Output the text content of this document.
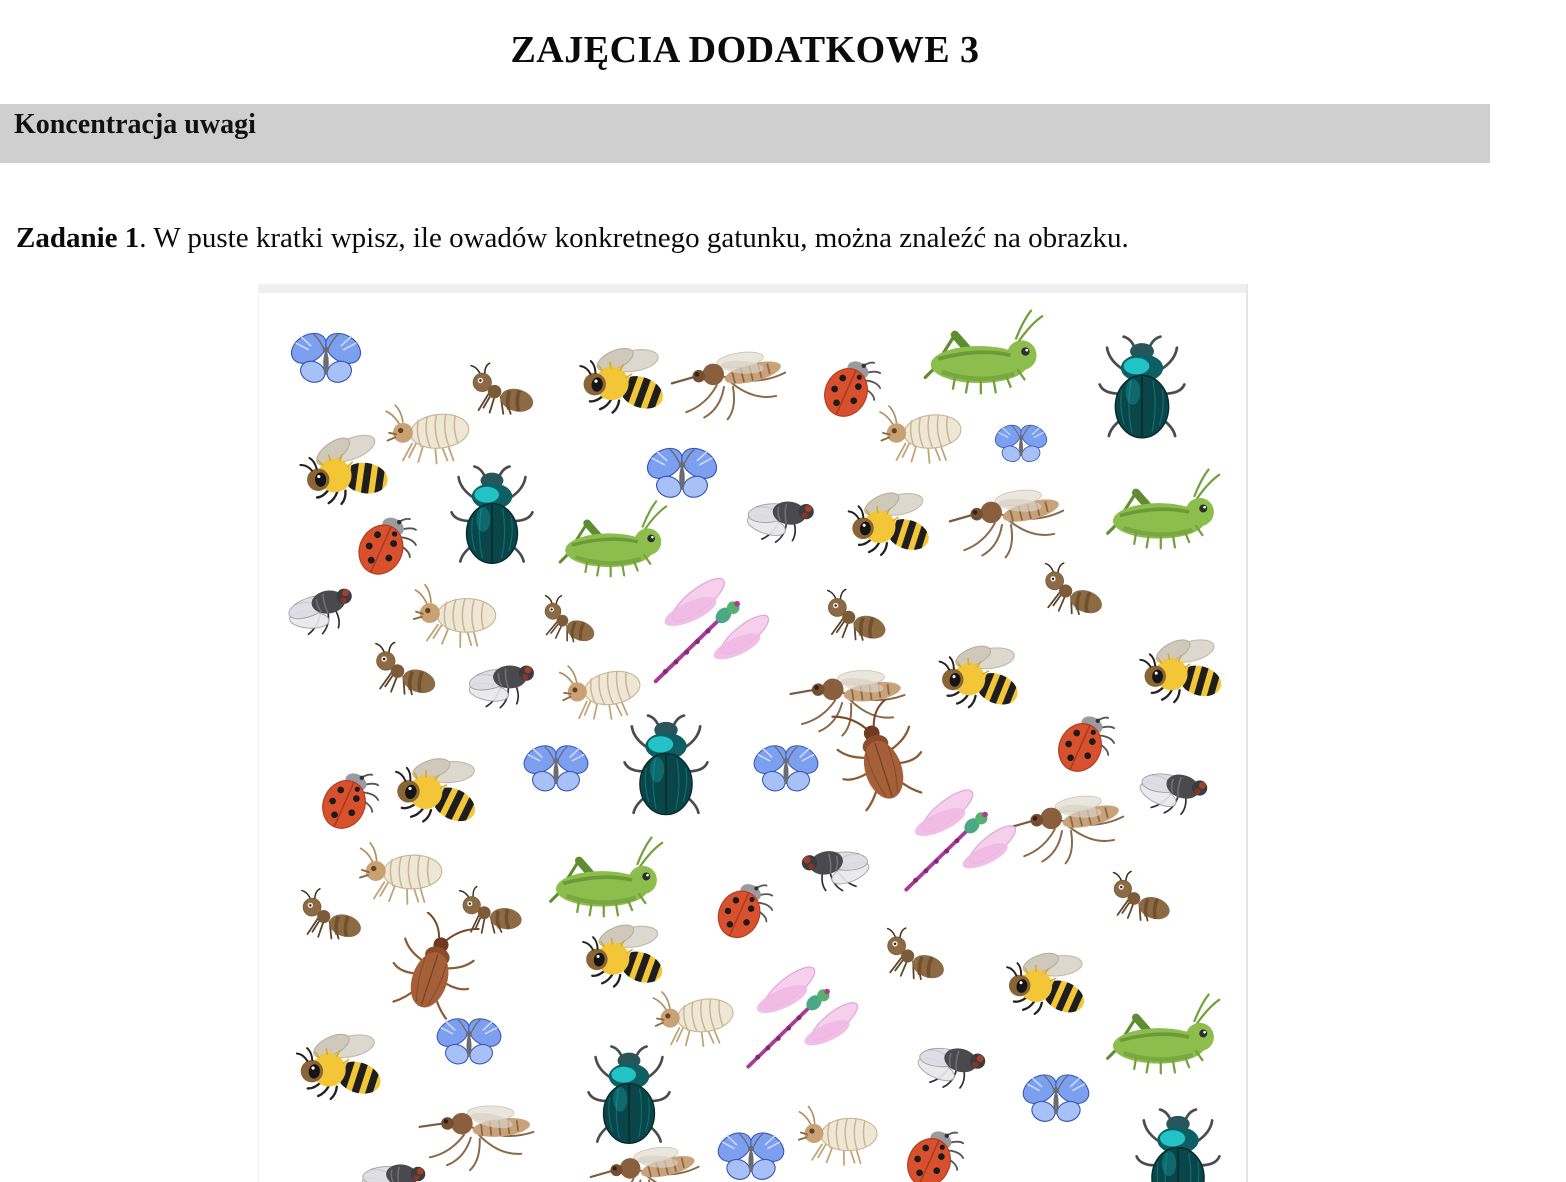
ZAJĘCIA DODATKOWE 3
Koncentracja uwagi

Zadanie 1. W puste kratki wpisz, ile owadów konkretnego gatunku, można znaleźć na obrazku.
